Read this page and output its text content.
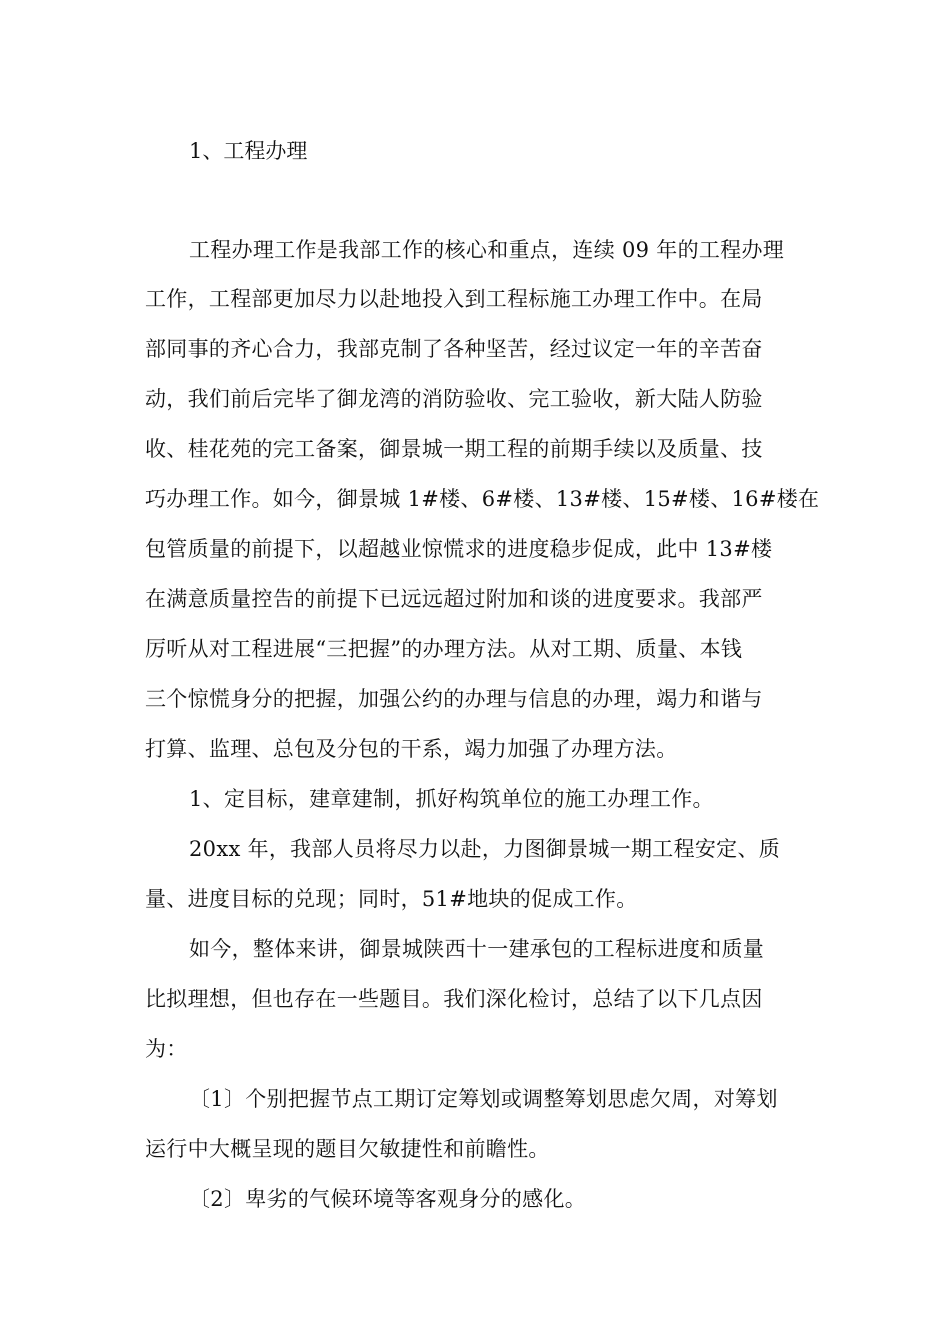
1、工程办理
工程办理工作是我部工作的核心和重点，连续 09 年的工程办理
工作，工程部更加尽力以赴地投入到工程标施工办理工作中。在局
部同事的齐心合力，我部克制了各种坚苦，经过议定一年的辛苦奋
动，我们前后完毕了御龙湾的消防验收、完工验收，新大陆人防验
收、桂花苑的完工备案，御景城一期工程的前期手续以及质量、技
巧办理工作。如今，御景城 1#楼、6#楼、13#楼、15#楼、16#楼在
包管质量的前提下，以超越业惊慌求的进度稳步促成，此中 13#楼
在满意质量控告的前提下已远远超过附加和谈的进度要求。我部严
厉听从对工程进展“三把握”的办理方法。从对工期、质量、本钱
三个惊慌身分的把握，加强公约的办理与信息的办理，竭力和谐与
打算、监理、总包及分包的干系，竭力加强了办理方法。
1、定目标，建章建制，抓好构筑单位的施工办理工作。
20xx 年，我部人员将尽力以赴，力图御景城一期工程安定、质
量、进度目标的兑现；同时，51#地块的促成工作。
如今，整体来讲，御景城陕西十一建承包的工程标进度和质量
比拟理想，但也存在一些题目。我们深化检讨，总结了以下几点因
为：
〔1〕个别把握节点工期订定筹划或调整筹划思虑欠周，对筹划
运行中大概呈现的题目欠敏捷性和前瞻性。
〔2〕卑劣的气候环境等客观身分的感化。
